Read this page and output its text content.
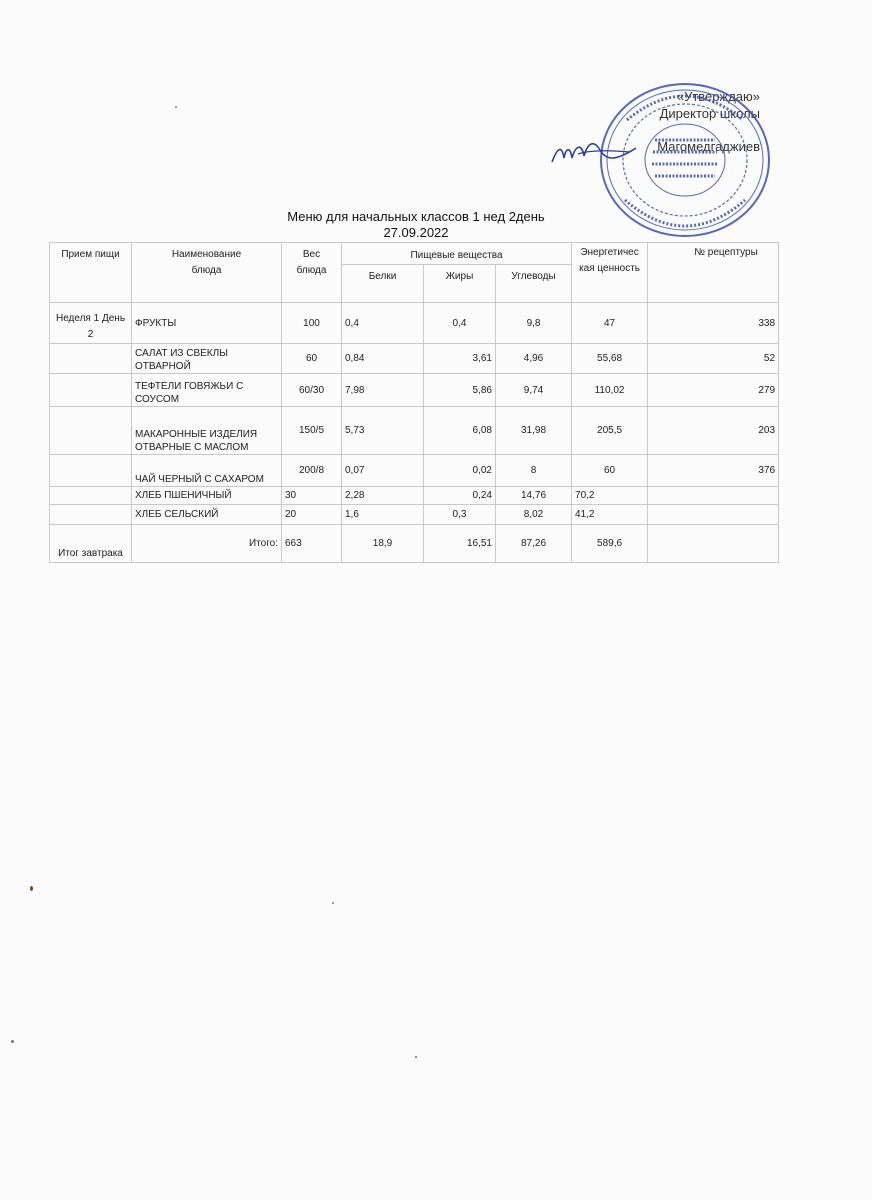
«Утверждаю»
Директор школы
Магомедгаджиев
Меню для начальных классов 1 нед 2день
27.09.2022
Прием пищи	Наименование блюда	Вес блюда	Пищевые вещества			Энергетическая ценность	№ рецептуры
			Белки	Жиры	Углеводы		
Неделя 1 День 2	ФРУКТЫ	100	0,4	0,4	9,8	47	338
	САЛАТ ИЗ СВЕКЛЫ ОТВАРНОЙ	60	0,84	3,61	4,96	55,68	52
	ТЕФТЕЛИ ГОВЯЖЬИ С СОУСОМ	60/30	7,98	5,86	9,74	110,02	279
	МАКАРОННЫЕ ИЗДЕЛИЯ ОТВАРНЫЕ С МАСЛОМ	150/5	5,73	6,08	31,98	205,5	203
	ЧАЙ ЧЕРНЫЙ С САХАРОМ	200/8	0,07	0,02	8	60	376
	ХЛЕБ ПШЕНИЧНЫЙ	30	2,28	0,24	14,76	70,2	
	ХЛЕБ СЕЛЬСКИЙ	20	1,6	0,3	8,02	41,2	
Итог завтрака	Итого:	663	18,9	16,51	87,26	589,6	
